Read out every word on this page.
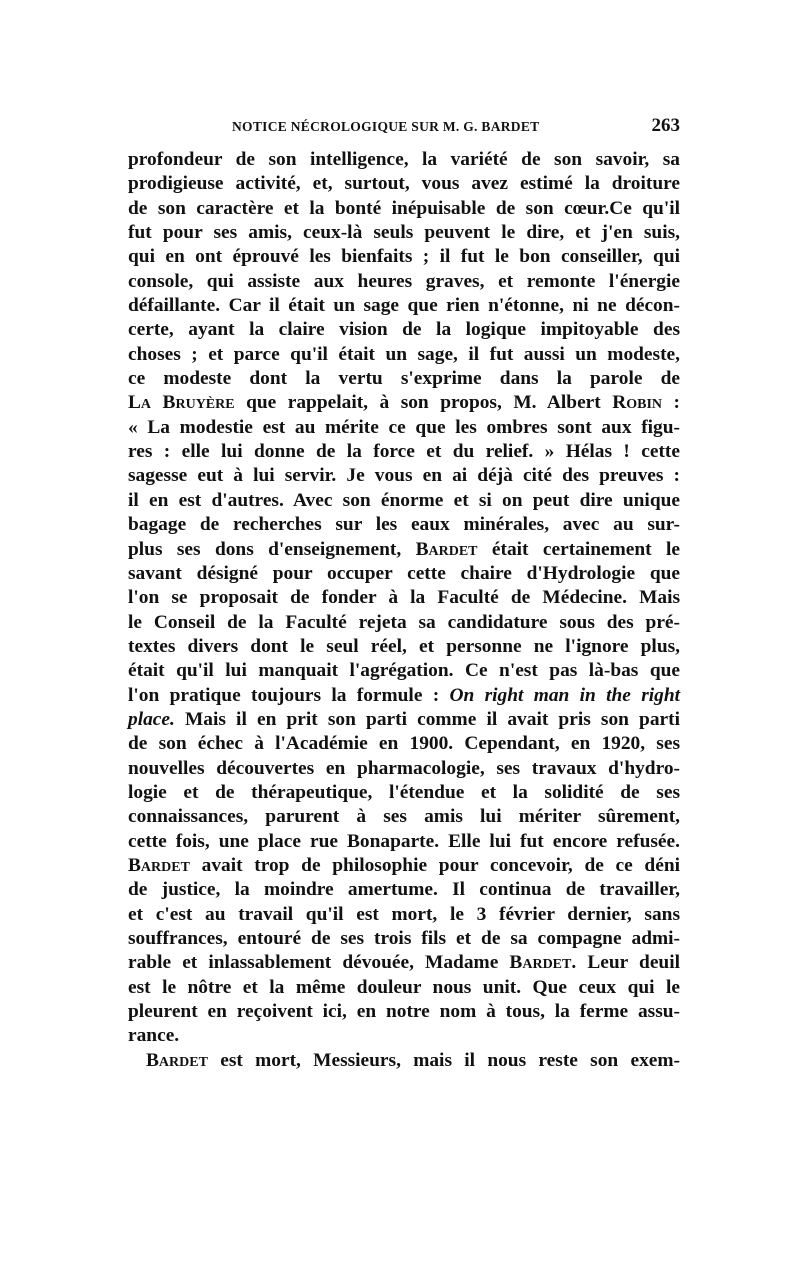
NOTICE NÉCROLOGIQUE SUR M. G. BARDET	263
profondeur de son intelligence, la variété de son savoir, sa
prodigieuse activité, et, surtout, vous avez estimé la droiture
de son caractère et la bonté inépuisable de son cœur.Ce qu'il
fut pour ses amis, ceux-là seuls peuvent le dire, et j'en suis,
qui en ont éprouvé les bienfaits ; il fut le bon conseiller, qui
console, qui assiste aux heures graves, et remonte l'énergie
défaillante. Car il était un sage que rien n'étonne, ni ne décon-
certe, ayant la claire vision de la logique impitoyable des
choses ; et parce qu'il était un sage, il fut aussi un modeste,
ce modeste dont la vertu s'exprime dans la parole de
La Bruyère que rappelait, à son propos, M. Albert Robin :
« La modestie est au mérite ce que les ombres sont aux figu-
res : elle lui donne de la force et du relief. » Hélas ! cette
sagesse eut à lui servir. Je vous en ai déjà cité des preuves :
il en est d'autres. Avec son énorme et si on peut dire unique
bagage de recherches sur les eaux minérales, avec au sur-
plus ses dons d'enseignement, Bardet était certainement le
savant désigné pour occuper cette chaire d'Hydrologie que
l'on se proposait de fonder à la Faculté de Médecine. Mais
le Conseil de la Faculté rejeta sa candidature sous des pré-
textes divers dont le seul réel, et personne ne l'ignore plus,
était qu'il lui manquait l'agrégation. Ce n'est pas là-bas que
l'on pratique toujours la formule : On right man in the right
place. Mais il en prit son parti comme il avait pris son parti
de son échec à l'Académie en 1900. Cependant, en 1920, ses
nouvelles découvertes en pharmacologie, ses travaux d'hydro-
logie et de thérapeutique, l'étendue et la solidité de ses
connaissances, parurent à ses amis lui mériter sûrement,
cette fois, une place rue Bonaparte. Elle lui fut encore refusée.
Bardet avait trop de philosophie pour concevoir, de ce déni
de justice, la moindre amertume. Il continua de travailler,
et c'est au travail qu'il est mort, le 3 février dernier, sans
souffrances, entouré de ses trois fils et de sa compagne admi-
rable et inlassablement dévouée, Madame Bardet. Leur deuil
est le nôtre et la même douleur nous unit. Que ceux qui le
pleurent en reçoivent ici, en notre nom à tous, la ferme assu-
rance.
Bardet est mort, Messieurs, mais il nous reste son exem-
